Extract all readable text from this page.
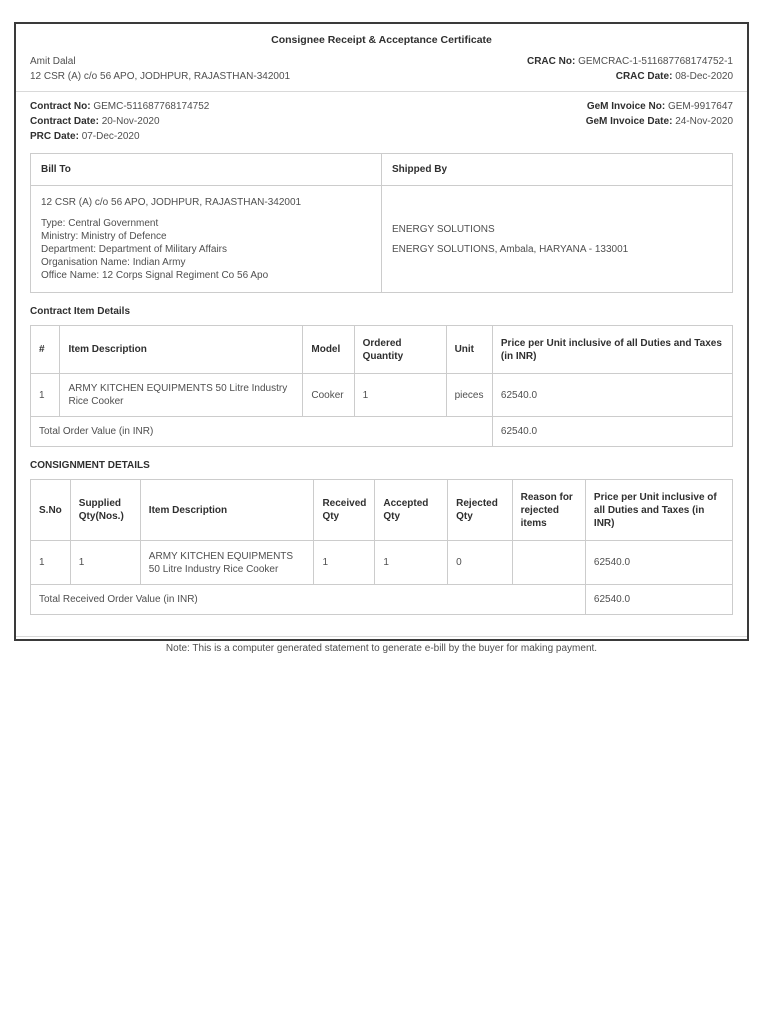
Consignee Receipt & Acceptance Certificate
Amit Dalal
12 CSR (A) c/o 56 APO, JODHPUR, RAJASTHAN-342001
CRAC No: GEMCRAC-1-511687768174752-1
CRAC Date: 08-Dec-2020
Contract No: GEMC-511687768174752
Contract Date: 20-Nov-2020
PRC Date: 07-Dec-2020
GeM Invoice No: GEM-9917647
GeM Invoice Date: 24-Nov-2020
Bill To	Shipped By

12 CSR (A) c/o 56 APO, JODHPUR, RAJASTHAN-342001
Type: Central Government
Ministry: Ministry of Defence
Department: Department of Military Affairs
Organisation Name: Indian Army
Office Name: 12 Corps Signal Regiment Co 56 Apo

ENERGY SOLUTIONS
ENERGY SOLUTIONS, Ambala, HARYANA - 133001
Contract Item Details
#	Item Description	Model	Ordered Quantity	Unit	Price per Unit inclusive of all Duties and Taxes (in INR)
1	ARMY KITCHEN EQUIPMENTS 50 Litre Industry Rice Cooker	Cooker	1	pieces	62540.0
Total Order Value (in INR)					62540.0
CONSIGNMENT DETAILS
S.No	Supplied Qty(Nos.)	Item Description	Received Qty	Accepted Qty	Rejected Qty	Reason for rejected items	Price per Unit inclusive of all Duties and Taxes (in INR)
1	1	ARMY KITCHEN EQUIPMENTS 50 Litre Industry Rice Cooker	1	1	0		62540.0
Total Received Order Value (in INR)							62540.0
Note: This is a computer generated statement to generate e-bill by the buyer for making payment.
